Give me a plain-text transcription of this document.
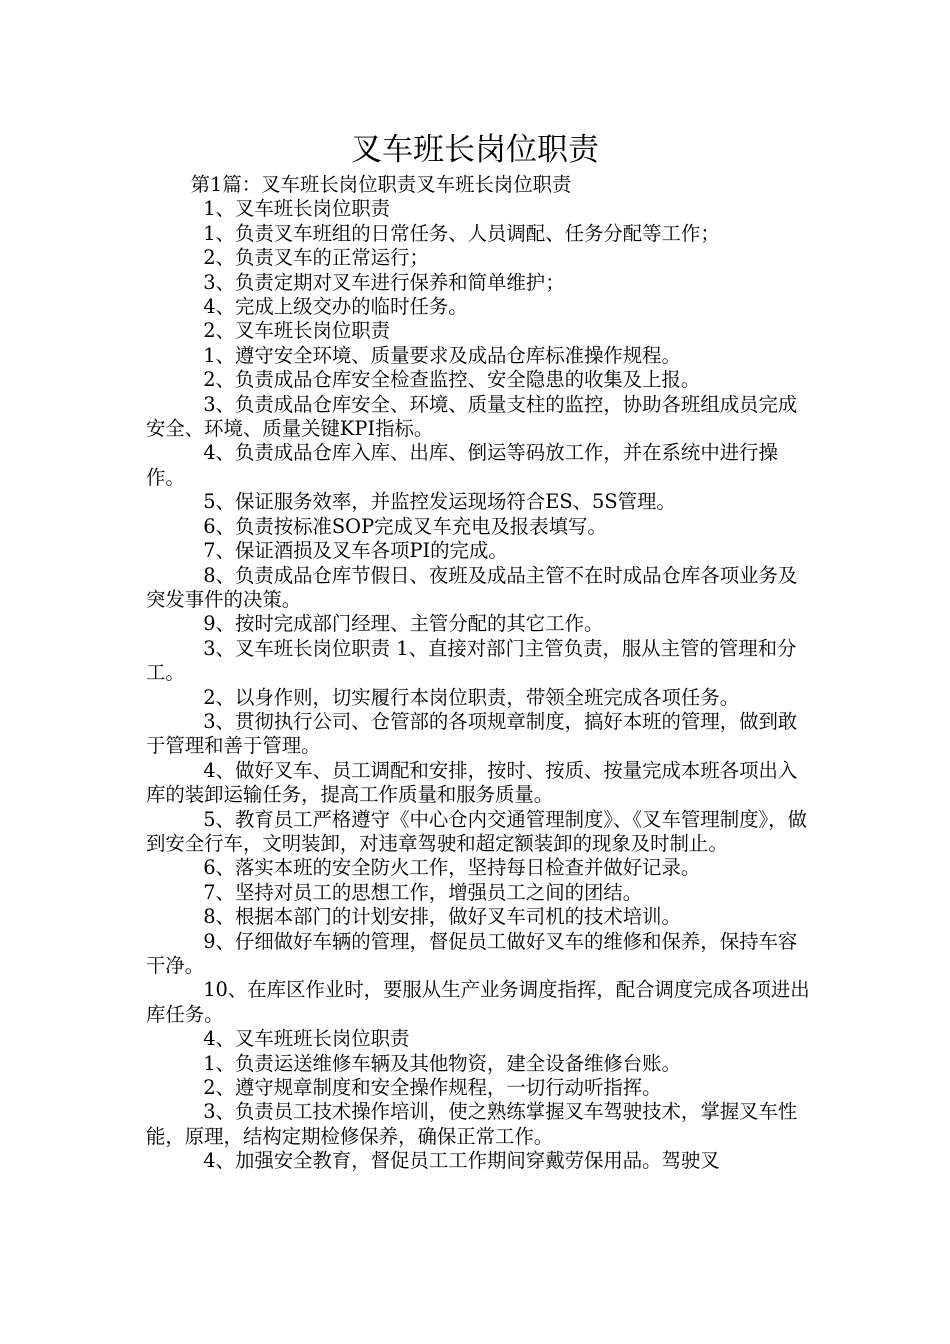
叉车班长岗位职责

第1篇：叉车班长岗位职责叉车班长岗位职责

1、叉车班长岗位职责

1、负责叉车班组的日常任务、人员调配、任务分配等工作；

2、负责叉车的正常运行；

3、负责定期对叉车进行保养和简单维护；

4、完成上级交办的临时任务。

2、叉车班长岗位职责

1、遵守安全环境、质量要求及成品仓库标准操作规程。

2、负责成品仓库安全检查监控、安全隐患的收集及上报。

3、负责成品仓库安全、环境、质量支柱的监控，协助各班组成员完成安全、环境、质量关键KPI指标。

4、负责成品仓库入库、出库、倒运等码放工作，并在系统中进行操作。

5、保证服务效率，并监控发运现场符合ES、5S管理。

6、负责按标准SOP完成叉车充电及报表填写。

7、保证酒损及叉车各项PI的完成。

8、负责成品仓库节假日、夜班及成品主管不在时成品仓库各项业务及突发事件的决策。

9、按时完成部门经理、主管分配的其它工作。

3、叉车班长岗位职责 1、直接对部门主管负责，服从主管的管理和分工。

2、以身作则，切实履行本岗位职责，带领全班完成各项任务。

3、贯彻执行公司、仓管部的各项规章制度，搞好本班的管理，做到敢于管理和善于管理。

4、做好叉车、员工调配和安排，按时、按质、按量完成本班各项出入库的装卸运输任务，提高工作质量和服务质量。

5、教育员工严格遵守《中心仓内交通管理制度》、《叉车管理制度》，做到安全行车，文明装卸，对违章驾驶和超定额装卸的现象及时制止。

6、落实本班的安全防火工作，坚持每日检查并做好记录。

7、坚持对员工的思想工作，增强员工之间的团结。

8、根据本部门的计划安排，做好叉车司机的技术培训。

9、仔细做好车辆的管理，督促员工做好叉车的维修和保养，保持车容干净。

10、在库区作业时，要服从生产业务调度指挥，配合调度完成各项进出库任务。

4、叉车班班长岗位职责

1、负责运送维修车辆及其他物资，建全设备维修台账。

2、遵守规章制度和安全操作规程，一切行动听指挥。

3、负责员工技术操作培训，使之熟练掌握叉车驾驶技术，掌握叉车性能，原理，结构定期检修保养，确保正常工作。

4、加强安全教育，督促员工工作期间穿戴劳保用品。驾驶叉
